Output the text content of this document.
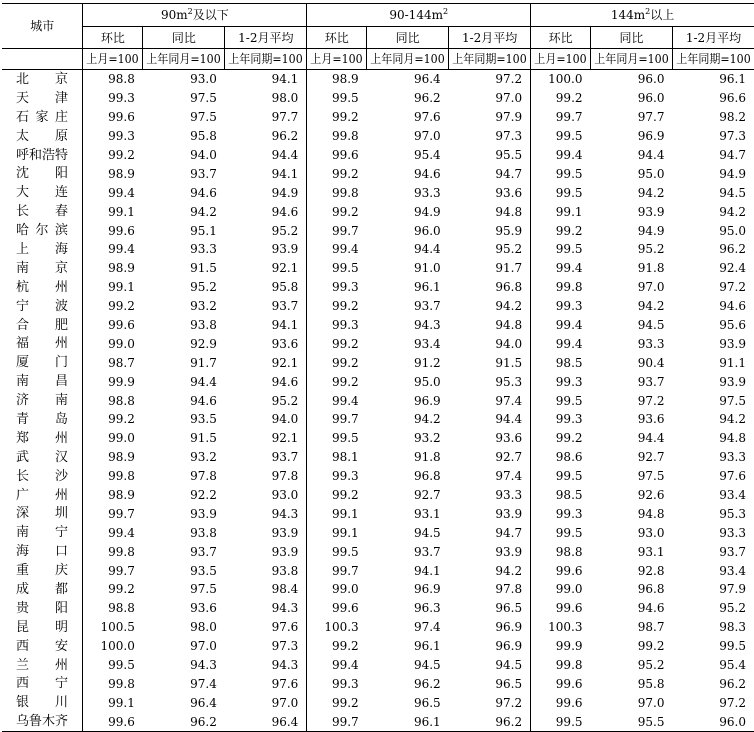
城市	$90m^2$及以下			$90-144m^2$			$144m^2$以上		
	环比	同比	1-2月平均	环比	同比	1-2月平均	环比	同比	1-2月平均
	上月=100	上年同月=100	上年同期=100	上月=100	上年同月=100	上年同期=100	上月=100	上年同月=100	上年同期=100

北京	98.8	93.0	94.1	98.9	96.4	97.2	100.0	96.0	96.1

天津	99.3	97.5	98.0	99.5	96.2	97.0	99.2	96.0	96.6

石家庄	99.6	97.5	97.7	99.2	97.6	97.9	99.7	97.7	98.2

太原	99.3	95.8	96.2	99.8	97.0	97.3	99.5	96.9	97.3

呼和浩特	99.2	94.0	94.4	99.6	95.4	95.5	99.4	94.4	94.7

沈阳	98.9	93.7	94.1	99.2	94.6	94.7	99.5	95.0	94.9

大连	99.4	94.6	94.9	99.8	93.3	93.6	99.5	94.2	94.5

长春	99.1	94.2	94.6	99.2	94.9	94.8	99.1	93.9	94.2

哈尔滨	99.6	95.1	95.2	99.7	96.0	95.9	99.2	94.9	95.0

上海	99.4	93.3	93.9	99.4	94.4	95.2	99.5	95.2	96.2

南京	98.9	91.5	92.1	99.5	91.0	91.7	99.4	91.8	92.4

杭州	99.1	95.2	95.8	99.3	96.1	96.8	99.8	97.0	97.2

宁波	99.2	93.2	93.7	99.2	93.7	94.2	99.3	94.2	94.6

合肥	99.6	93.8	94.1	99.3	94.3	94.8	99.4	94.5	95.6

福州	99.0	92.9	93.6	99.2	93.4	94.0	99.4	93.3	93.9

厦门	98.7	91.7	92.1	99.2	91.2	91.5	98.5	90.4	91.1

南昌	99.9	94.4	94.6	99.2	95.0	95.3	99.3	93.7	93.9

济南	98.8	94.6	95.2	99.4	96.9	97.4	99.5	97.2	97.5

青岛	99.2	93.5	94.0	99.7	94.2	94.4	99.3	93.6	94.2

郑州	99.0	91.5	92.1	99.5	93.2	93.6	99.2	94.4	94.8

武汉	98.9	93.2	93.7	98.1	91.8	92.7	98.6	92.7	93.3

长沙	99.8	97.8	97.8	99.3	96.8	97.4	99.5	97.5	97.6

广州	98.9	92.2	93.0	99.2	92.7	93.3	98.5	92.6	93.4

深圳	99.7	93.9	94.3	99.1	93.1	93.9	99.3	94.8	95.3

南宁	99.4	93.8	93.9	99.1	94.5	94.7	99.5	93.0	93.3

海口	99.8	93.7	93.9	99.5	93.7	93.9	98.8	93.1	93.7

重庆	99.7	93.5	93.8	99.7	94.1	94.2	99.6	92.8	93.4

成都	99.2	97.5	98.4	99.0	96.9	97.8	99.0	96.8	97.9

贵阳	98.8	93.6	94.3	99.6	96.3	96.5	99.6	94.6	95.2

昆明	100.5	98.0	97.6	100.3	97.4	96.9	100.3	98.7	98.3

西安	100.0	97.0	97.3	99.2	96.1	96.9	99.9	99.2	99.5

兰州	99.5	94.3	94.3	99.4	94.5	94.5	99.8	95.2	95.4

西宁	99.8	97.4	97.6	99.3	96.2	96.5	99.6	95.8	96.2

银川	99.1	96.4	97.0	99.2	96.5	97.2	99.6	97.0	97.2

乌鲁木齐	99.6	96.2	96.4	99.7	96.1	96.2	99.5	95.5	96.0
